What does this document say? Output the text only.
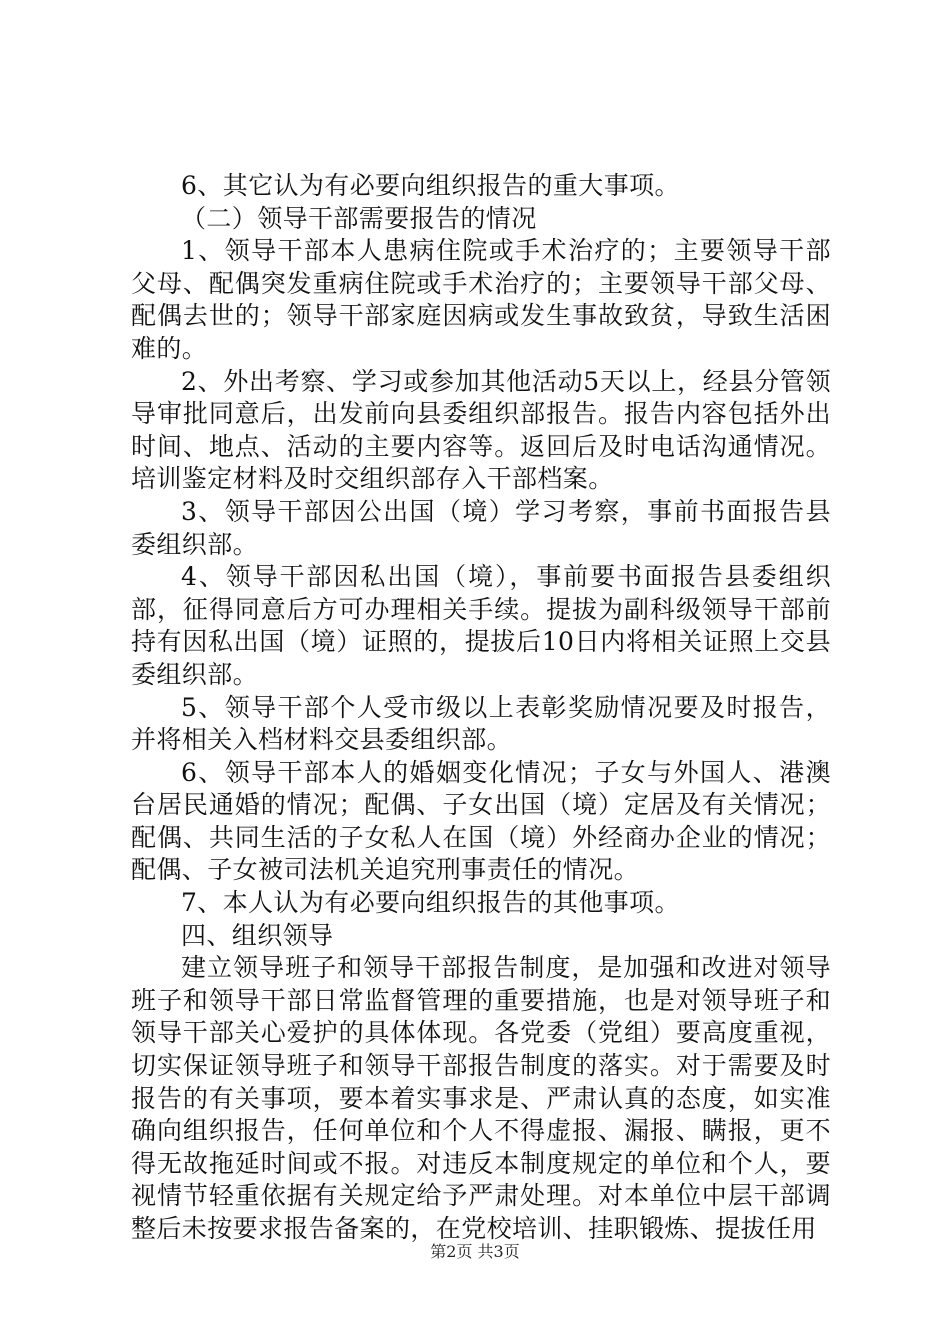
6、其它认为有必要向组织报告的重大事项。

（二）领导干部需要报告的情况

1、领导干部本人患病住院或手术治疗的；主要领导干部父母、配偶突发重病住院或手术治疗的；主要领导干部父母、配偶去世的；领导干部家庭因病或发生事故致贫，导致生活困难的。

2、外出考察、学习或参加其他活动5天以上，经县分管领导审批同意后，出发前向县委组织部报告。报告内容包括外出时间、地点、活动的主要内容等。返回后及时电话沟通情况。培训鉴定材料及时交组织部存入干部档案。

3、领导干部因公出国（境）学习考察，事前书面报告县委组织部。

4、领导干部因私出国（境），事前要书面报告县委组织部，征得同意后方可办理相关手续。提拔为副科级领导干部前持有因私出国（境）证照的，提拔后10日内将相关证照上交县委组织部。

5、领导干部个人受市级以上表彰奖励情况要及时报告，并将相关入档材料交县委组织部。

6、领导干部本人的婚姻变化情况；子女与外国人、港澳台居民通婚的情况；配偶、子女出国（境）定居及有关情况；配偶、共同生活的子女私人在国（境）外经商办企业的情况；配偶、子女被司法机关追究刑事责任的情况。

7、本人认为有必要向组织报告的其他事项。

四、组织领导

建立领导班子和领导干部报告制度，是加强和改进对领导班子和领导干部日常监督管理的重要措施，也是对领导班子和领导干部关心爱护的具体体现。各党委（党组）要高度重视，切实保证领导班子和领导干部报告制度的落实。对于需要及时报告的有关事项，要本着实事求是、严肃认真的态度，如实准确向组织报告，任何单位和个人不得虚报、漏报、瞒报，更不得无故拖延时间或不报。对违反本制度规定的单位和个人，要视情节轻重依据有关规定给予严肃处理。对本单位中层干部调整后未按要求报告备案的，在党校培训、挂职锻炼、提拔任用

第2页 共3页
